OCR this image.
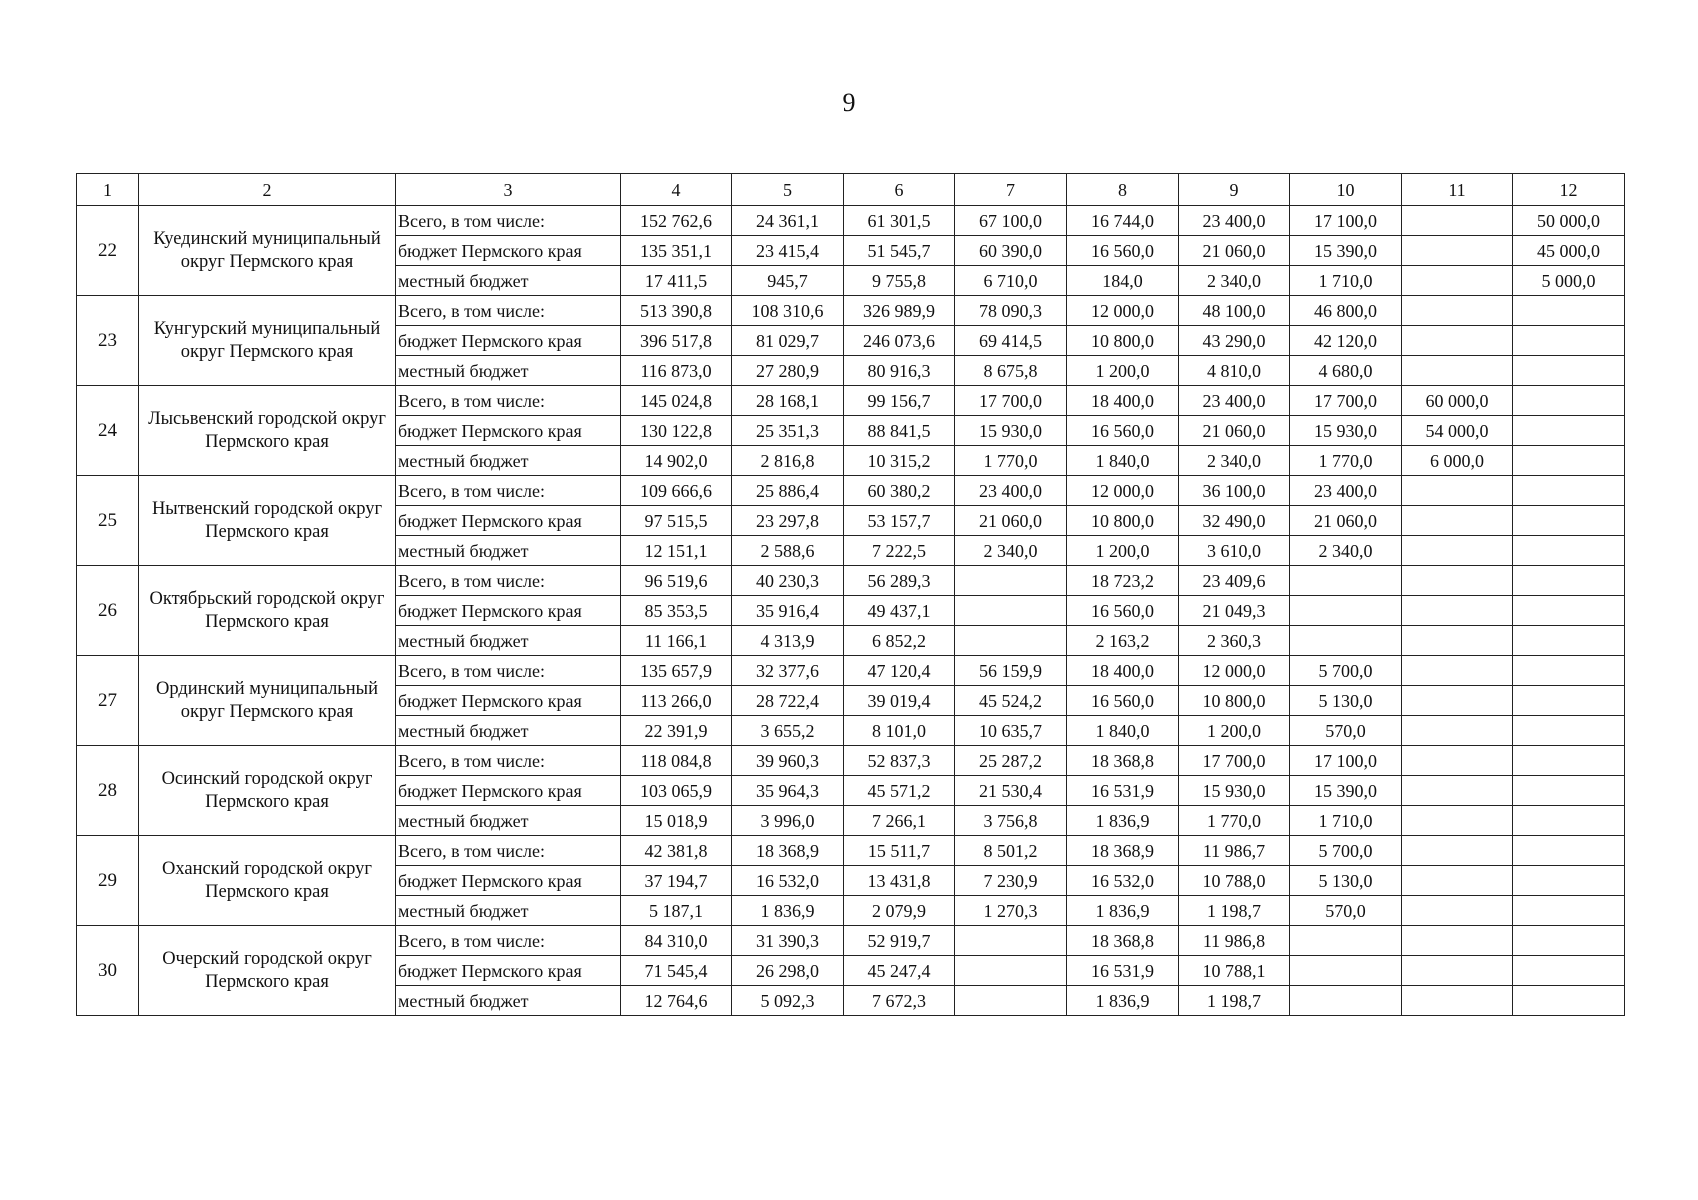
9
1	2	3	4	5	6	7	8	9	10	11	12
22	Куединский муниципальный округ Пермского края	Всего, в том числе:	152 762,6	24 361,1	61 301,5	67 100,0	16 744,0	23 400,0	17 100,0		50 000,0
		бюджет Пермского края	135 351,1	23 415,4	51 545,7	60 390,0	16 560,0	21 060,0	15 390,0		45 000,0
		местный бюджет	17 411,5	945,7	9 755,8	6 710,0	184,0	2 340,0	1 710,0		5 000,0
23	Кунгурский муниципальный округ Пермского края	Всего, в том числе:	513 390,8	108 310,6	326 989,9	78 090,3	12 000,0	48 100,0	46 800,0		
		бюджет Пермского края	396 517,8	81 029,7	246 073,6	69 414,5	10 800,0	43 290,0	42 120,0		
		местный бюджет	116 873,0	27 280,9	80 916,3	8 675,8	1 200,0	4 810,0	4 680,0		
24	Лысьвенский городской округ Пермского края	Всего, в том числе:	145 024,8	28 168,1	99 156,7	17 700,0	18 400,0	23 400,0	17 700,0	60 000,0	
		бюджет Пермского края	130 122,8	25 351,3	88 841,5	15 930,0	16 560,0	21 060,0	15 930,0	54 000,0	
		местный бюджет	14 902,0	2 816,8	10 315,2	1 770,0	1 840,0	2 340,0	1 770,0	6 000,0	
25	Нытвенский городской округ Пермского края	Всего, в том числе:	109 666,6	25 886,4	60 380,2	23 400,0	12 000,0	36 100,0	23 400,0		
		бюджет Пермского края	97 515,5	23 297,8	53 157,7	21 060,0	10 800,0	32 490,0	21 060,0		
		местный бюджет	12 151,1	2 588,6	7 222,5	2 340,0	1 200,0	3 610,0	2 340,0		
26	Октябрьский городской округ Пермского края	Всего, в том числе:	96 519,6	40 230,3	56 289,3		18 723,2	23 409,6			
		бюджет Пермского края	85 353,5	35 916,4	49 437,1		16 560,0	21 049,3			
		местный бюджет	11 166,1	4 313,9	6 852,2		2 163,2	2 360,3			
27	Ординский муниципальный округ Пермского края	Всего, в том числе:	135 657,9	32 377,6	47 120,4	56 159,9	18 400,0	12 000,0	5 700,0		
		бюджет Пермского края	113 266,0	28 722,4	39 019,4	45 524,2	16 560,0	10 800,0	5 130,0		
		местный бюджет	22 391,9	3 655,2	8 101,0	10 635,7	1 840,0	1 200,0	570,0		
28	Осинский городской округ Пермского края	Всего, в том числе:	118 084,8	39 960,3	52 837,3	25 287,2	18 368,8	17 700,0	17 100,0		
		бюджет Пермского края	103 065,9	35 964,3	45 571,2	21 530,4	16 531,9	15 930,0	15 390,0		
		местный бюджет	15 018,9	3 996,0	7 266,1	3 756,8	1 836,9	1 770,0	1 710,0		
29	Оханский городской округ Пермского края	Всего, в том числе:	42 381,8	18 368,9	15 511,7	8 501,2	18 368,9	11 986,7	5 700,0		
		бюджет Пермского края	37 194,7	16 532,0	13 431,8	7 230,9	16 532,0	10 788,0	5 130,0		
		местный бюджет	5 187,1	1 836,9	2 079,9	1 270,3	1 836,9	1 198,7	570,0		
30	Очерский городской округ Пермского края	Всего, в том числе:	84 310,0	31 390,3	52 919,7		18 368,8	11 986,8			
		бюджет Пермского края	71 545,4	26 298,0	45 247,4		16 531,9	10 788,1			
		местный бюджет	12 764,6	5 092,3	7 672,3		1 836,9	1 198,7			
